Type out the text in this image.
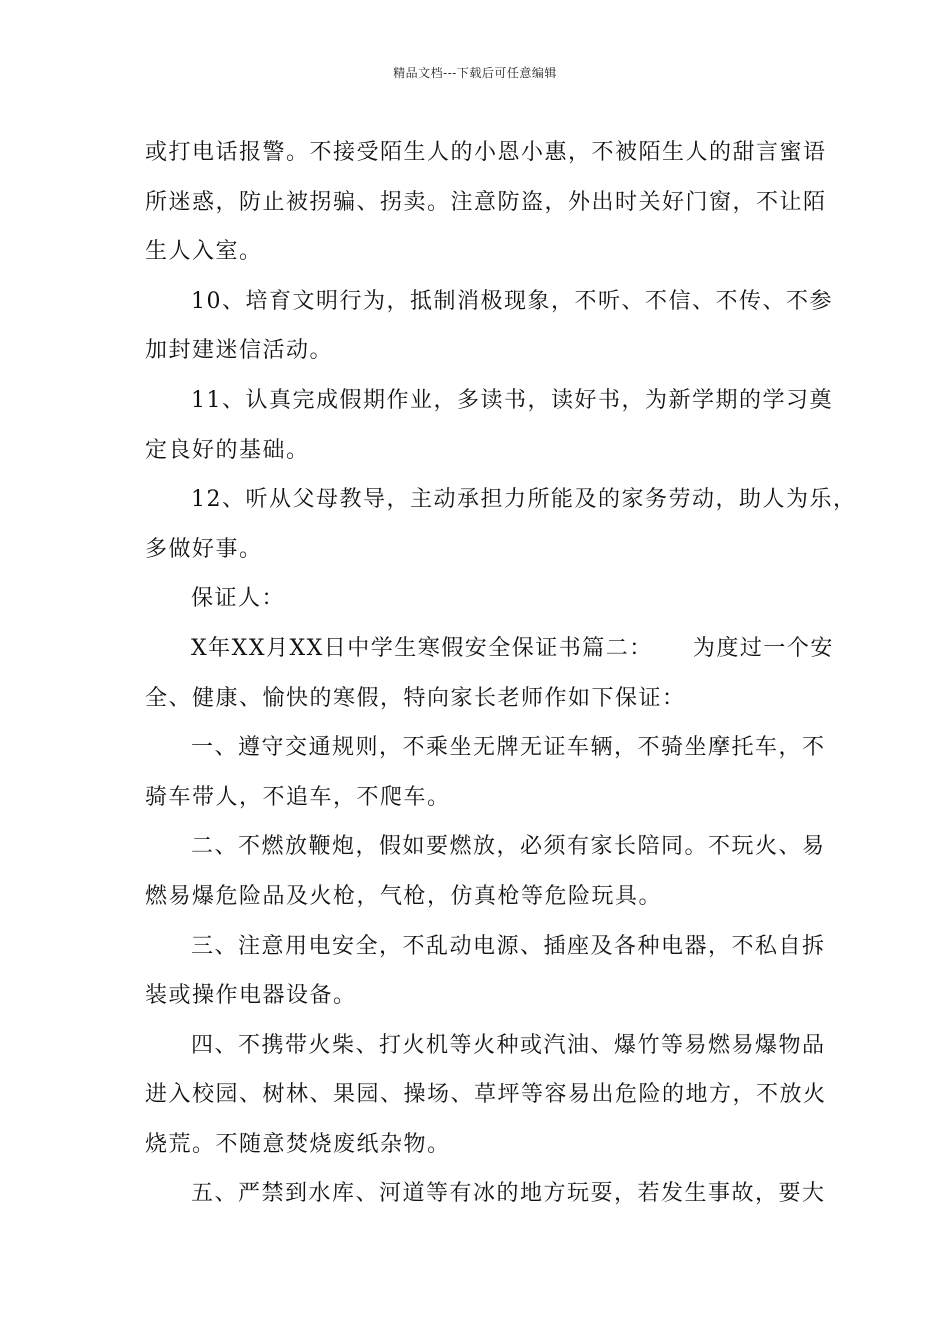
精品文档---下载后可任意编辑
或打电话报警。不接受陌生人的小恩小惠，不被陌生人的甜言蜜语
所迷惑，防止被拐骗、拐卖。注意防盗，外出时关好门窗，不让陌
生人入室。
10、培育文明行为，抵制消极现象，不听、不信、不传、不参
加封建迷信活动。
11、认真完成假期作业，多读书，读好书，为新学期的学习奠
定良好的基础。
12、听从父母教导，主动承担力所能及的家务劳动，助人为乐，
多做好事。
保证人：
X年XX月XX日中学生寒假安全保证书篇二： 为度过一个安
全、健康、愉快的寒假，特向家长老师作如下保证：
一、遵守交通规则，不乘坐无牌无证车辆，不骑坐摩托车，不
骑车带人，不追车，不爬车。
二、不燃放鞭炮，假如要燃放，必须有家长陪同。不玩火、易
燃易爆危险品及火枪，气枪，仿真枪等危险玩具。
三、注意用电安全，不乱动电源、插座及各种电器，不私自拆
装或操作电器设备。
四、不携带火柴、打火机等火种或汽油、爆竹等易燃易爆物品
进入校园、树林、果园、操场、草坪等容易出危险的地方，不放火
烧荒。不随意焚烧废纸杂物。
五、严禁到水库、河道等有冰的地方玩耍，若发生事故，要大
